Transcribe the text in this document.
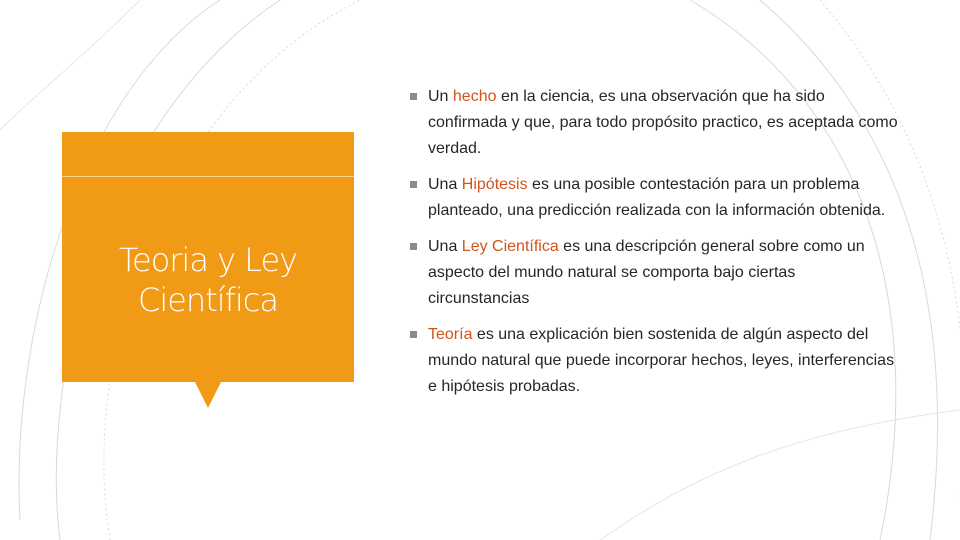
Teoria y Ley
Científica
Un hecho en la ciencia, es una observación que ha sido confirmada y que, para todo propósito practico, es aceptada como verdad.
Una Hipótesis es una posible contestación para un problema planteado, una predicción realizada con la información obtenida.
Una Ley Científica es una descripción general sobre como un aspecto del mundo natural se comporta bajo ciertas circunstancias
Teoría es una explicación bien sostenida de algún aspecto del mundo natural que puede incorporar hechos, leyes, interferencias e hipótesis probadas.
